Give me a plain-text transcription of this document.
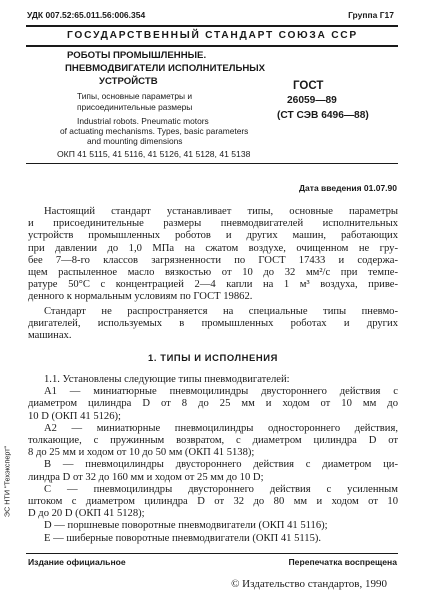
УДК 007.52:65.011.56:006.354	Группа Г17
ГОСУДАРСТВЕННЫЙ СТАНДАРТ СОЮЗА ССР
РОБОТЫ ПРОМЫШЛЕННЫЕ.
ПНЕВМОДВИГАТЕЛИ ИСПОЛНИТЕЛЬНЫХ
УСТРОЙСТВ
Типы, основные параметры и
присоединительные размеры
Industrial robots. Pneumatic motors
of actuating mechanisms. Types, basic parameters
and mounting dimensions
ОКП 41 5115, 41 5116, 41 5126, 41 5128, 41 5138
ГОСТ
26059—89
(СТ СЭВ 6496—88)
Дата введения 01.07.90
Настоящий стандарт устанавливает типы, основные параметры
и присоединительные размеры пневмодвигателей исполнительных
устройств промышленных роботов и других машин, работающих
при давлении до 1,0 МПа на сжатом воздухе, очищенном не гру-
бее 7—8-го классов загрязненности по ГОСТ 17433 и содержа-
щем распыленное масло вязкостью от 10 до 32 мм²/с при темпе-
ратуре 50°C с концентрацией 2—4 капли на 1 м³ воздуха, приве-
денного к нормальным условиям по ГОСТ 19862.
Стандарт не распространяется на специальные типы пневмо-
двигателей, используемых в промышленных роботах и других
машинах.
1. ТИПЫ И ИСПОЛНЕНИЯ
1.1. Установлены следующие типы пневмодвигателей:
А1 — миниатюрные пневмоцилиндры двустороннего действия с
диаметром цилиндра D от 8 до 25 мм и ходом от 10 мм до
10 D (ОКП 41 5126);
А2 — миниатюрные пневмоцилиндры одностороннего действия,
толкающие, с пружинным возвратом, с диаметром цилиндра D от
8 до 25 мм и ходом от 10 до 50 мм (ОКП 41 5138);
В — пневмоцилиндры двустороннего действия с диаметром ци-
линдра D от 32 до 160 мм и ходом от 25 мм до 10 D;
С — пневмоцилиндры двустороннего действия с усиленным
штоком с диаметром цилиндра D от 32 до 80 мм и ходом от 10
D до 20 D (ОКП 41 5128);
D — поршневые поворотные пневмодвигатели (ОКП 41 5116);
Е — шиберные поворотные пневмодвигатели (ОКП 41 5115).
ЭС НТИ "Техэксперт"
Издание официальное	Перепечатка воспрещена
© Издательство стандартов, 1990
